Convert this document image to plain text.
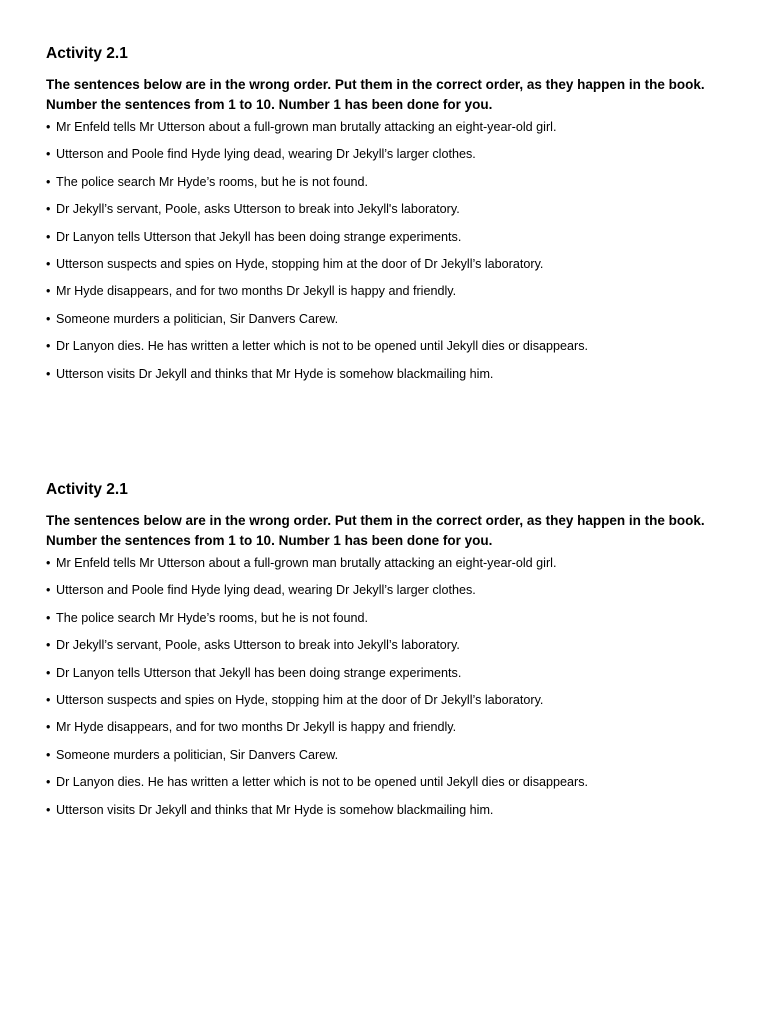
Activity 2.1
The sentences below are in the wrong order. Put them in the correct order, as they happen in the book.
Number the sentences from 1 to 10. Number 1 has been done for you.
• Mr Enfeld tells Mr Utterson about a full-grown man brutally attacking an eight-year-old girl.
• Utterson and Poole find Hyde lying dead, wearing Dr Jekyll’s larger clothes.
• The police search Mr Hyde’s rooms, but he is not found.
• Dr Jekyll’s servant, Poole, asks Utterson to break into Jekyll's laboratory.
• Dr Lanyon tells Utterson that Jekyll has been doing strange experiments.
• Utterson suspects and spies on Hyde, stopping him at the door of Dr Jekyll’s laboratory.
• Mr Hyde disappears, and for two months Dr Jekyll is happy and friendly.
• Someone murders a politician, Sir Danvers Carew.
• Dr Lanyon dies. He has written a letter which is not to be opened until Jekyll dies or disappears.
• Utterson visits Dr Jekyll and thinks that Mr Hyde is somehow blackmailing him.
Activity 2.1
The sentences below are in the wrong order. Put them in the correct order, as they happen in the book.
Number the sentences from 1 to 10. Number 1 has been done for you.
• Mr Enfeld tells Mr Utterson about a full-grown man brutally attacking an eight-year-old girl.
• Utterson and Poole find Hyde lying dead, wearing Dr Jekyll’s larger clothes.
• The police search Mr Hyde’s rooms, but he is not found.
• Dr Jekyll’s servant, Poole, asks Utterson to break into Jekyll’s laboratory.
• Dr Lanyon tells Utterson that Jekyll has been doing strange experiments.
• Utterson suspects and spies on Hyde, stopping him at the door of Dr Jekyll’s laboratory.
• Mr Hyde disappears, and for two months Dr Jekyll is happy and friendly.
• Someone murders a politician, Sir Danvers Carew.
• Dr Lanyon dies. He has written a letter which is not to be opened until Jekyll dies or disappears.
• Utterson visits Dr Jekyll and thinks that Mr Hyde is somehow blackmailing him.
